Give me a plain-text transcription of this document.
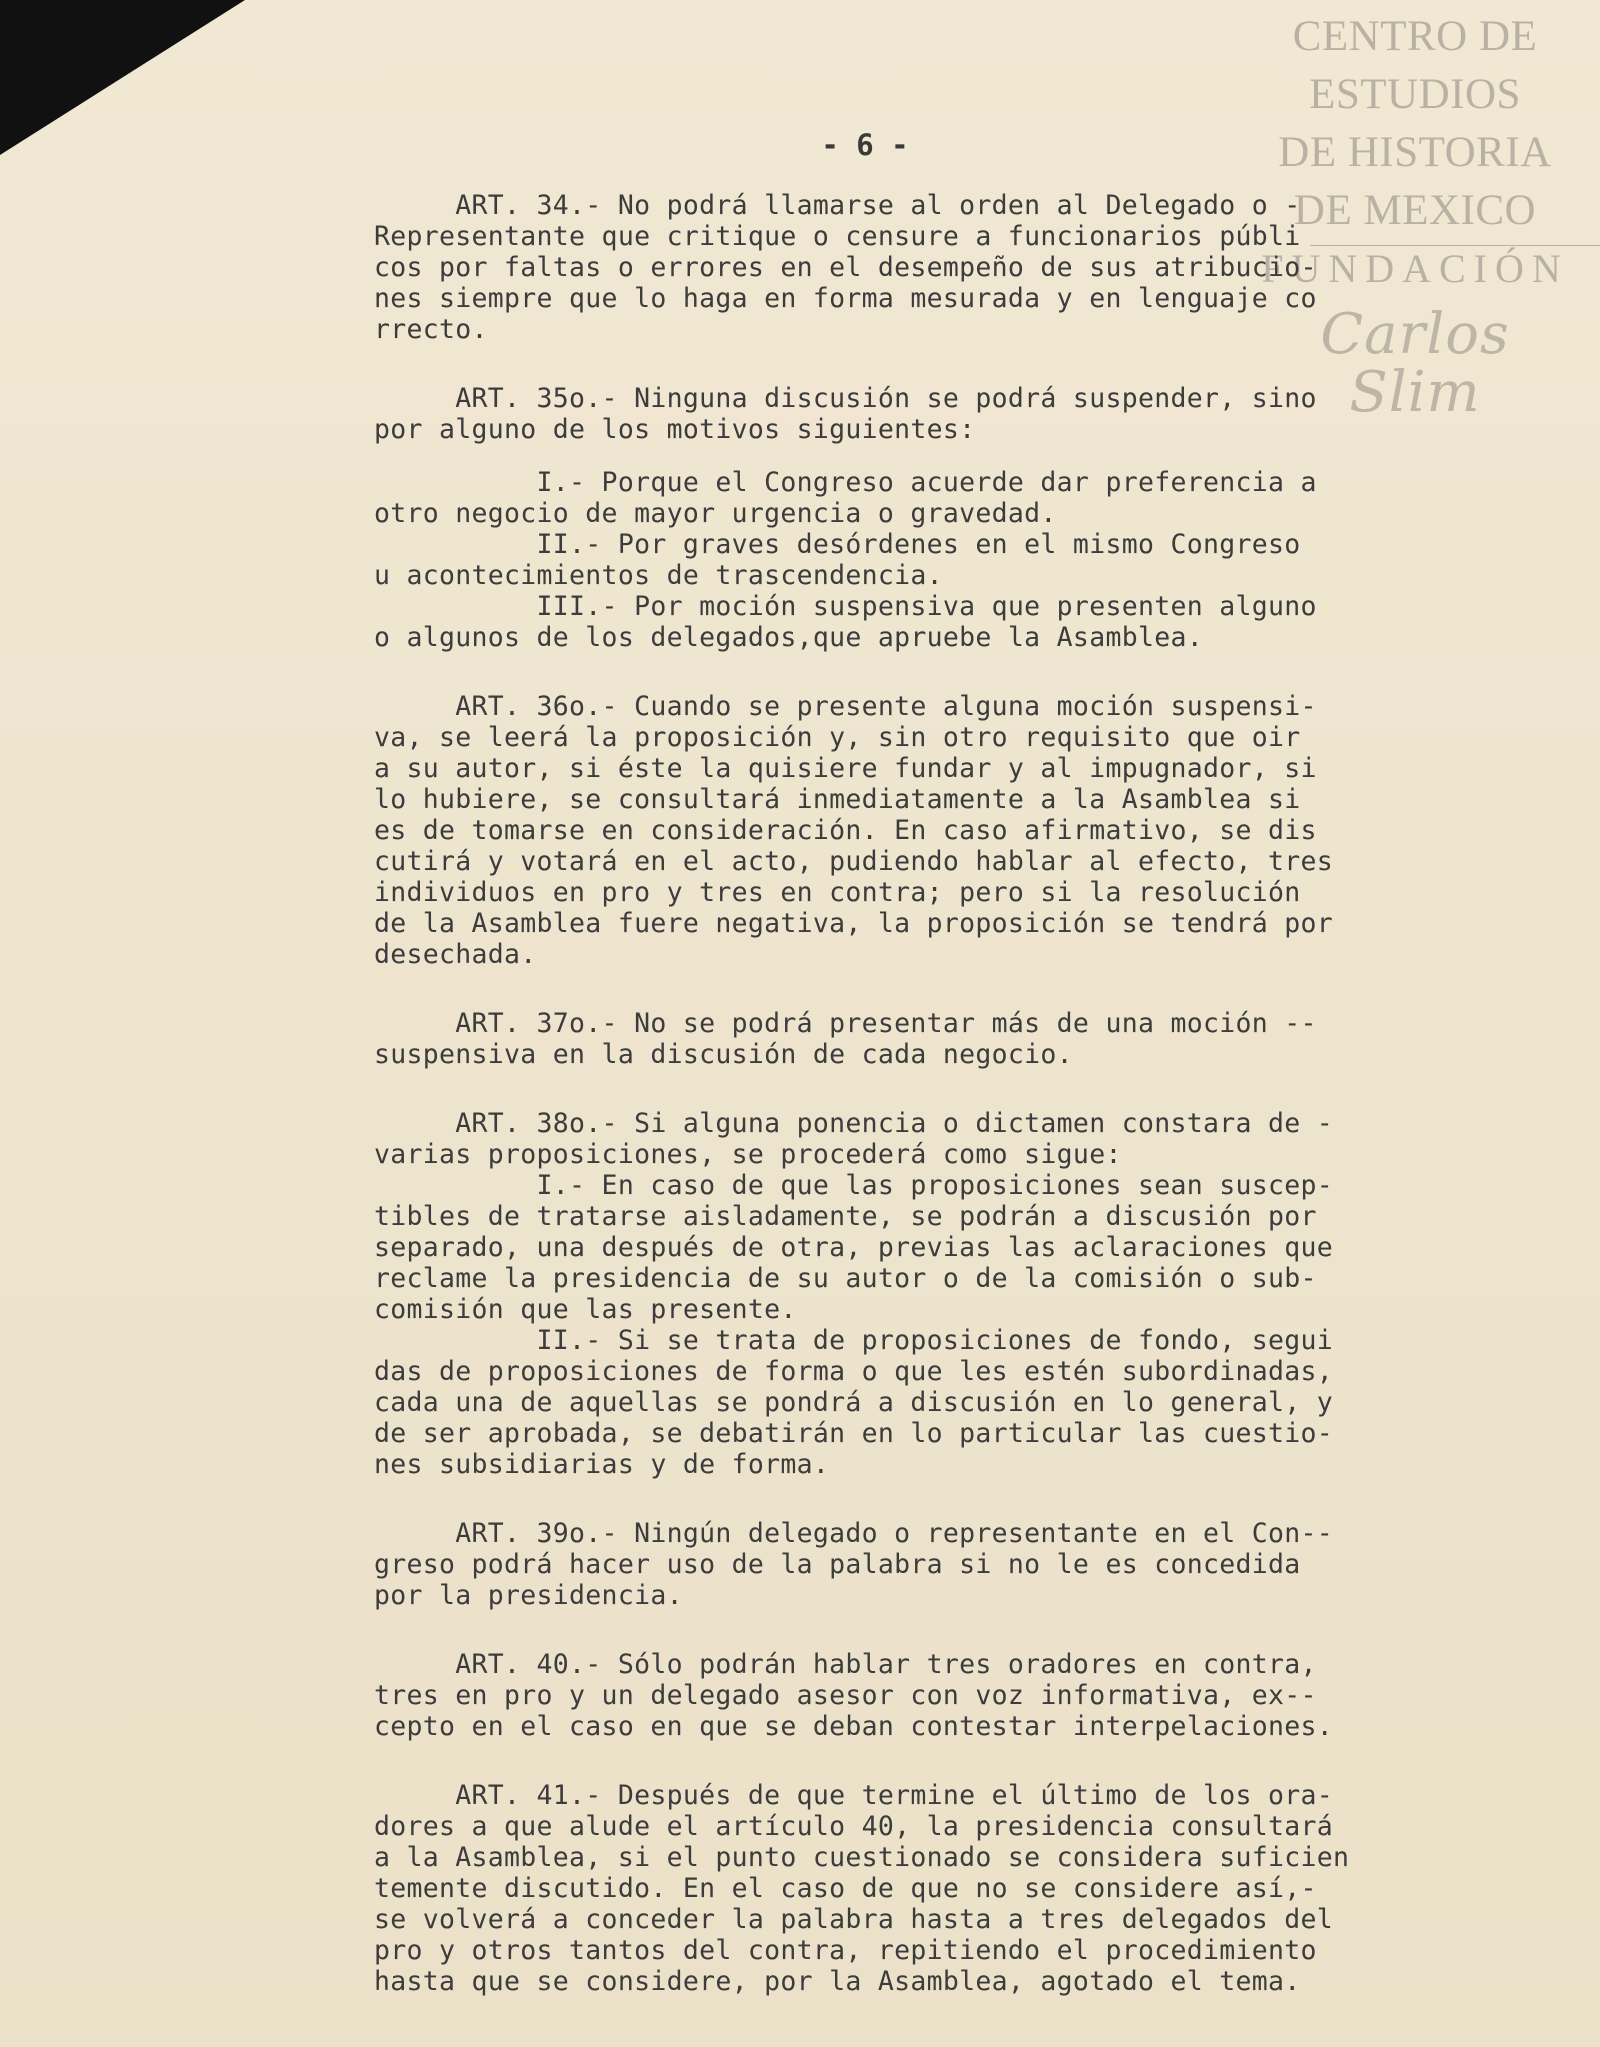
CENTRO DE
ESTUDIOS
DE HISTORIA
DE MEXICO
FUNDACIÓN
Carlos Slim
- 6 -
ART. 34.- No podrá llamarse al orden al Delegado o -
Representante que critique o censure a funcionarios públi
cos por faltas o errores en el desempeño de sus atribucio-
nes siempre que lo haga en forma mesurada y en lenguaje co
rrecto.
ART. 35o.- Ninguna discusión se podrá suspender, sino
por alguno de los motivos siguientes:
I.- Porque el Congreso acuerde dar preferencia a
otro negocio de mayor urgencia o gravedad.
II.- Por graves desórdenes en el mismo Congreso
u acontecimientos de trascendencia.
III.- Por moción suspensiva que presenten alguno
o algunos de los delegados,que apruebe la Asamblea.
ART. 36o.- Cuando se presente alguna moción suspensi-
va, se leerá la proposición y, sin otro requisito que oir
a su autor, si éste la quisiere fundar y al impugnador, si
lo hubiere, se consultará inmediatamente a la Asamblea si
es de tomarse en consideración. En caso afirmativo, se dis
cutirá y votará en el acto, pudiendo hablar al efecto, tres
individuos en pro y tres en contra; pero si la resolución
de la Asamblea fuere negativa, la proposición se tendrá por
desechada.
ART. 37o.- No se podrá presentar más de una moción --
suspensiva en la discusión de cada negocio.
ART. 38o.- Si alguna ponencia o dictamen constara de -
varias proposiciones, se procederá como sigue:
I.- En caso de que las proposiciones sean suscep-
tibles de tratarse aisladamente, se podrán a discusión por
separado, una después de otra, previas las aclaraciones que
reclame la presidencia de su autor o de la comisión o sub-
comisión que las presente.
II.- Si se trata de proposiciones de fondo, segui
das de proposiciones de forma o que les estén subordinadas,
cada una de aquellas se pondrá a discusión en lo general, y
de ser aprobada, se debatirán en lo particular las cuestio-
nes subsidiarias y de forma.
ART. 39o.- Ningún delegado o representante en el Con--
greso podrá hacer uso de la palabra si no le es concedida
por la presidencia.
ART. 40.- Sólo podrán hablar tres oradores en contra,
tres en pro y un delegado asesor con voz informativa, ex--
cepto en el caso en que se deban contestar interpelaciones.
ART. 41.- Después de que termine el último de los ora-
dores a que alude el artículo 40, la presidencia consultará
a la Asamblea, si el punto cuestionado se considera suficien
temente discutido. En el caso de que no se considere así,-
se volverá a conceder la palabra hasta a tres delegados del
pro y otros tantos del contra, repitiendo el procedimiento
hasta que se considere, por la Asamblea, agotado el tema.
